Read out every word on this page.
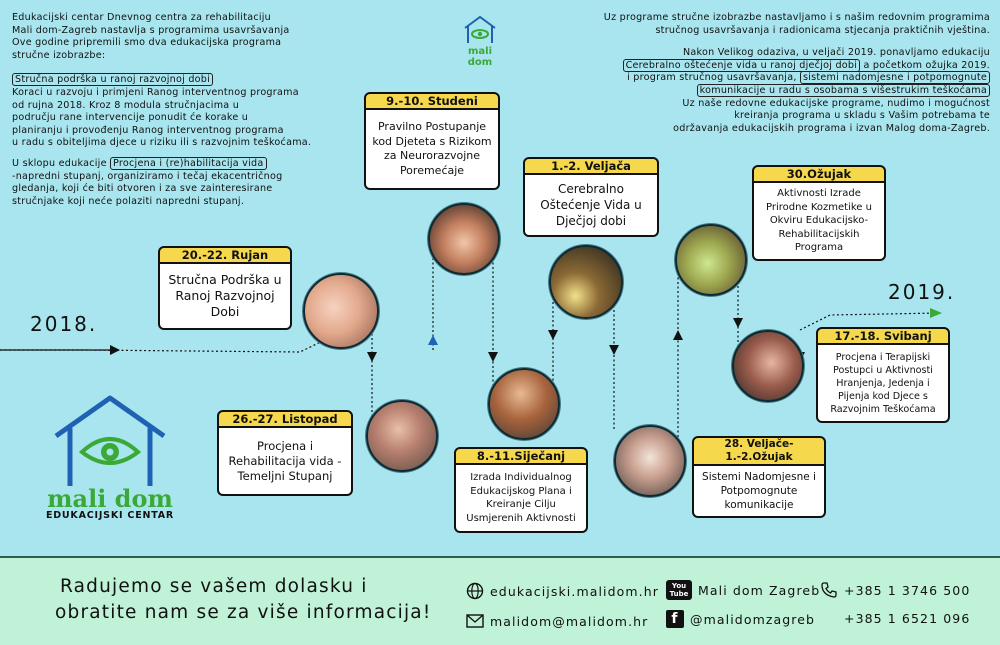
Edukacijski centar Dnevnog centra za rehabilitaciju
Mali dom-Zagreb nastavlja s programima usavršavanja
Ove godine pripremili smo dva edukacijska programa
stručne izobrazbe:
Stručna podrška u ranoj razvojnoj dobi
Koraci u razvoju i primjeni Ranog interventnog programa
od rujna 2018. Kroz 8 modula stručnjacima u
području rane intervencije ponudit će korake u
planiranju i provođenju Ranog interventnog programa
u radu s obiteljima djece u riziku ili s razvojnim teškoćama.
U sklopu edukacije Procjena i (re)habilitacija vida
-napredni stupanj, organiziramo i tečaj ekacentričnog
gledanja, koji će biti otvoren i za sve zainteresirane
stručnjake koji neće polaziti napredni stupanj.
mali dom
Uz programe stručne izobrazbe nastavljamo i s našim redovnim programima
stručnog usavršavanja i radionicama stjecanja praktičnih vještina.
Nakon Velikog odaziva, u veljači 2019. ponavljamo edukaciju
Cerebralno oštećenje vida u ranoj dječjoj dobi a početkom ožujka 2019.
i program stručnog usavršavanja, sistemi nadomjesne i potpomognute
komunikacije u radu s osobama s višestrukim teškoćama
Uz naše redovne edukacijske programe, nudimo i mogućnost
kreiranja programa u skladu s Vašim potrebama te
održavanja edukacijskih programa i izvan Malog doma-Zagreb.
2018.
2019.
20.-22. Rujan
Stručna Podrška u Ranoj Razvojnoj Dobi
26.-27. Listopad
Procjena i Rehabilitacija vida - Temeljni Stupanj
9.-10. Studeni
Pravilno Postupanje kod Djeteta s Rizikom za Neurorazvojne Poremećaje
8.-11.Siječanj
Izrada Individualnog Edukacijskog Plana i Kreiranje Cilju Usmjerenih Aktivnosti
1.-2. Veljača
Cerebralno Oštećenje Vida u Dječjoj dobi
28. Veljače-1.-2.Ožujak
Sistemi Nadomjesne i Potpomognute komunikacije
30.Ožujak
Aktivnosti Izrade Prirodne Kozmetike u Okviru Edukacijsko-Rehabilitacijskih Programa
17.-18. Svibanj
Procjena i Terapijski Postupci u Aktivnosti Hranjenja, Jedenja i Pijenja kod Djece s Razvojnim Teškoćama
mali dom
EDUKACIJSKI CENTAR
Radujemo se vašem dolasku i
obratite nam se za više informacija!
edukacijski.malidom.hr
malidom@malidom.hr
You Tube Mali dom Zagreb
f @malidomzagreb
+385 1 3746 500
+385 1 6521 096
